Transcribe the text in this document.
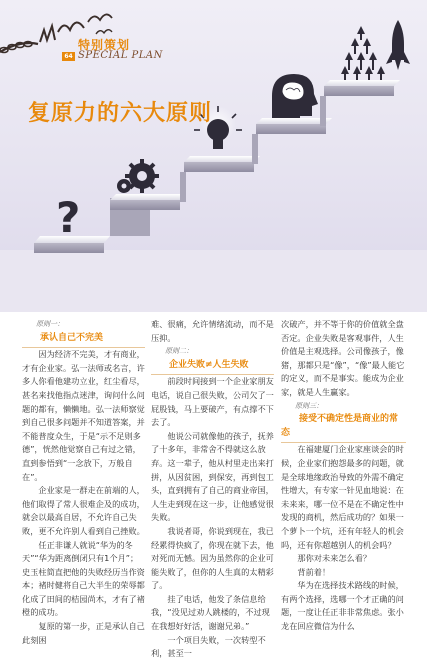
?
64
特别策划
SPECIAL PLAN
复原力的六大原则

原则一：

承认自己不完美

因为经济不完美，才有商业，才有企业家。弘一法师或名言，许多人你看他建功立业，红尘看尽，甚名来找他指点迷津，询问什么问题的都有，懒懒地。弘一法师察觉到自己很多问题并不知道答案，并不能普度众生，于是“示不足则多德”，恍然他觉察自己有过之错，直到参悟到“一念放下，万般自在”。

企业家是一群走在前端的人，他们取得了常人很难企及的成功，就会以最高自居，不允许自己失败，更不允许别人看到自己挫败。

任正非谦人就说“华为的冬天”“华为距离倒闭只有1个月”；史玉柱简直把他的失败经历当作资本；褚时健将自己大半生的荣辱都化成了田间的桔园尚木，才有了褚橙的成功。

复原的第一步，正是承认自己此刻困

难、很痛，允许情绪流动，而不是压抑。

原则二：

企业失败≠人生失败

前段时间接到一个企业家朋友电话，说自己很失败，公司欠了一屁股钱，马上要破产，有点撑不下去了。

他说公司就像他的孩子，抚养了十多年，非常舍不得就这么放弃。这一辈子，他从村里走出来打拼，从因贫困，到保安，再到包工头，直到拥有了自己的商业帝国，人生走到现在这一步，让他感觉很失败。

我说者哥，你说到现在，我已经累得快疯了，你现在就下去，他对死而无憾。因为虽然你的企业可能失败了，但你的人生真的太精彩了。

挂了电话，他发了条信息给我，“没见过劝人跳楼的，不过现在我想好好活，谢谢兄弟。”

一个项目失败，一次转型不利，甚至一

次破产，并不等于你的价值就全盘否定。企业失败是客观事件，人生价值是主观选择。公司像孩子，像猪，那都只是“像”，“像”最人能它的定义，而不是事实。能成为企业家，就是人生赢家。

原则三：

接受不确定性是商业的常态

在福建厦门企业家座谈会的时候，企业家们抱怨最多的问题，就是全球地缘政治导致的外需不确定性增大，有专家一针见血地说：在未来来，哪一位不是在不确定性中发现的商机，然后成功的？如果一个萝卜一个坑，还有年轻人的机会吗，还有你超越别人的机会吗？

那你对未来怎么看？

背前着！

华为在选择技术路线的时候，有两个选择，选哪一个才正确的问题，一度让任正非非常焦虑。张小龙在回应微信为什么
